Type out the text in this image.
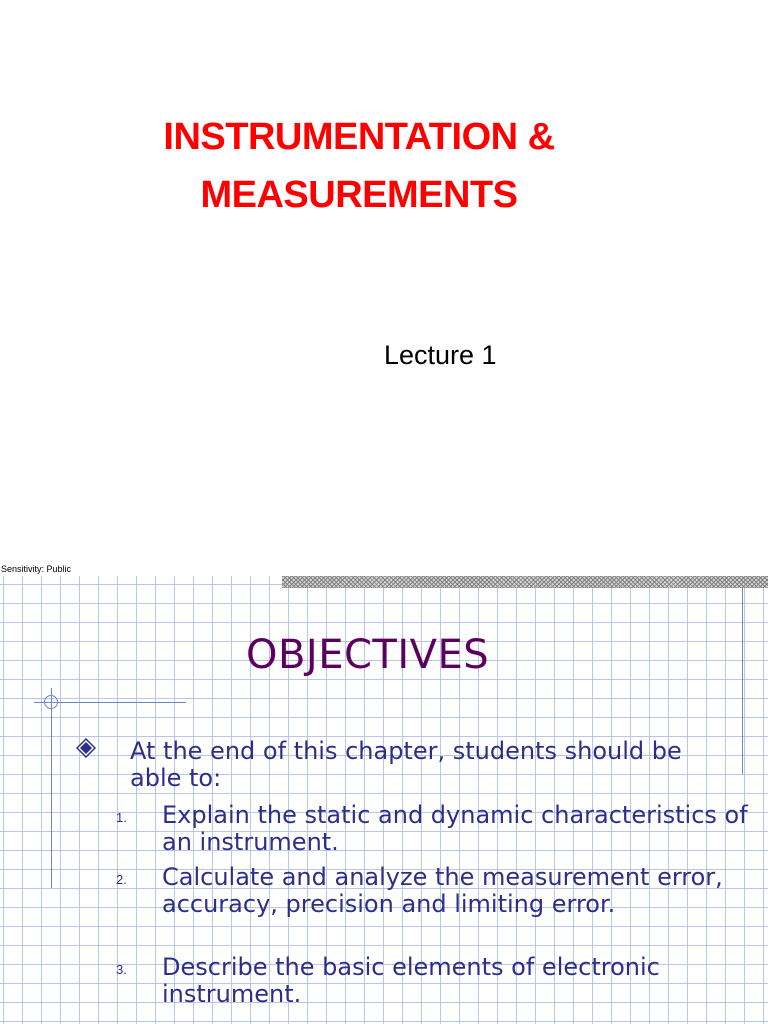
INSTRUMENTATION &
MEASUREMENTS
Lecture 1
Sensitivity: Public
OBJECTIVES
At the end of this chapter, students should be able to:
1. Explain the static and dynamic characteristics of an instrument.
2. Calculate and analyze the measurement error, accuracy, precision and limiting error.
3. Describe the basic elements of electronic instrument.
